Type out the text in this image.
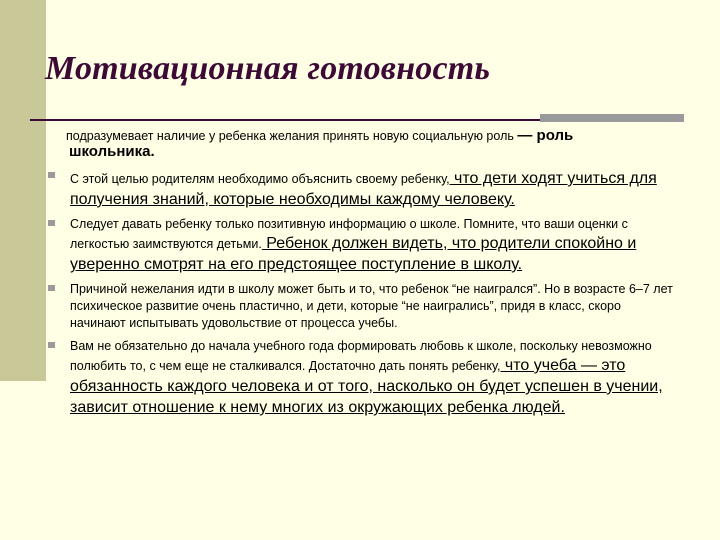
Мотивационная готовность
подразумевает наличие у ребенка желания принять новую социальную роль — роль
школьника.
С этой целью родителям необходимо объяснить своему ребенку, что дети ходят учиться для получения знаний, которые необходимы каждому человеку.
Следует давать ребенку только позитивную информацию о школе. Помните, что ваши оценки с легкостью заимствуются детьми. Ребенок должен видеть, что родители спокойно и уверенно смотрят на его предстоящее поступление в школу.
Причиной нежелания идти в школу может быть и то, что ребенок “не наигрался”. Но в возрасте 6–7 лет психическое развитие очень пластично, и дети, которые “не наигрались”, придя в класс, скоро начинают испытывать удовольствие от процесса учебы.
Вам не обязательно до начала учебного года формировать любовь к школе, поскольку невозможно полюбить то, с чем еще не сталкивался. Достаточно дать понять ребенку, что учеба — это обязанность каждого человека и от того, насколько он будет успешен в учении, зависит отношение к нему многих из окружающих ребенка людей.
